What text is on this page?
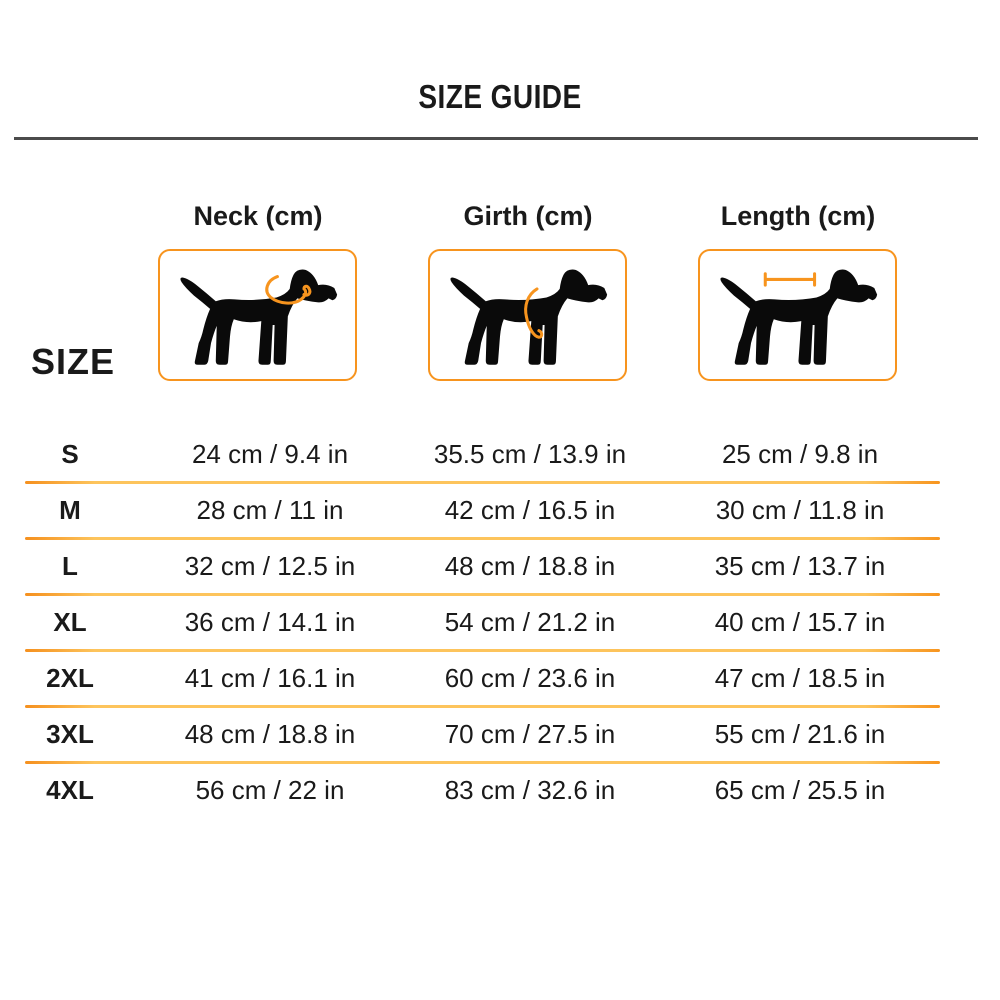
SIZE GUIDE
Neck (cm)	Girth (cm)	Length (cm)
SIZE
S	24 cm / 9.4 in	35.5 cm / 13.9 in	25 cm / 9.8 in
M	28 cm / 11 in	42 cm / 16.5 in	30 cm / 11.8 in
L	32 cm / 12.5 in	48 cm / 18.8 in	35 cm / 13.7 in
XL	36 cm / 14.1 in	54 cm / 21.2 in	40 cm / 15.7 in
2XL	41 cm / 16.1 in	60 cm / 23.6 in	47 cm / 18.5 in
3XL	48 cm / 18.8 in	70 cm / 27.5 in	55 cm / 21.6 in
4XL	56 cm / 22 in	83 cm / 32.6 in	65 cm / 25.5 in
